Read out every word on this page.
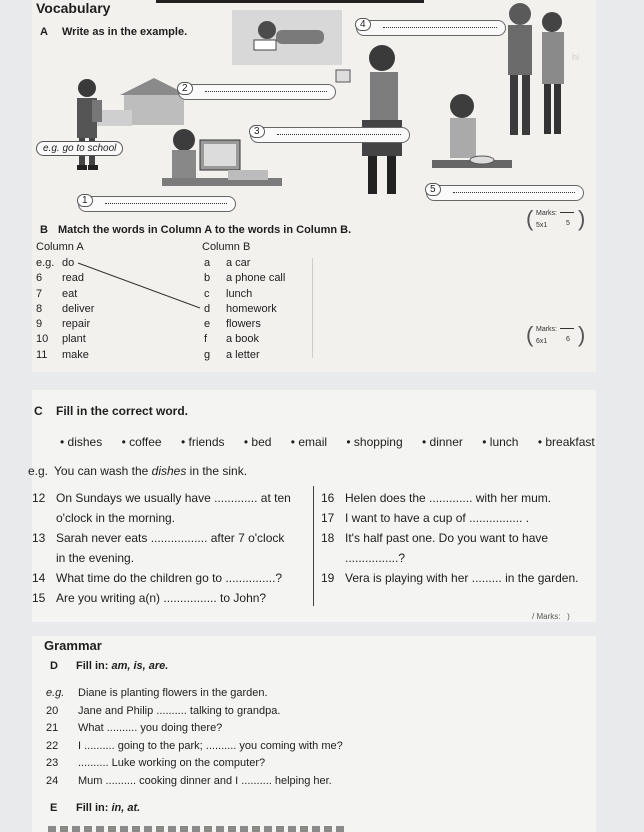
Vocabulary
A Write as in the example.
hi
e.g. go to school
1
2
3
4
5
( Marks:
5x1	5 )
B Match the words in Column A to the words in Column B.
Column A	Column B
e.g. do
6 read
7 eat
8 deliver
9 repair
10 plant
11 make
a a car
b a phone call
c lunch
d homework
e flowers
f a book
g a letter
( Marks:
6x1	6 )
C Fill in the correct word.
• dishes • coffee • friends • bed • email • shopping • dinner • lunch • breakfast
e.g. You can wash the dishes in the sink.
12 On Sundays we usually have ............. at ten
o'clock in the morning.
13 Sarah never eats ................. after 7 o'clock
in the evening.
14 What time do the children go to ...............?
15 Are you writing a(n) ................ to John?
16 Helen does the ............. with her mum.
17 I want to have a cup of ................ .
18 It's half past one. Do you want to have
................?
19 Vera is playing with her ......... in the garden.
/ Marks:   )
Grammar
D Fill in: am, is, are.
e.g. Diane is planting flowers in the garden.
20 Jane and Philip .......... talking to grandpa.
21 What .......... you doing there?
22 I .......... going to the park; .......... you coming with me?
23 .......... Luke working on the computer?
24 Mum .......... cooking dinner and I .......... helping her.
E Fill in: in, at.
